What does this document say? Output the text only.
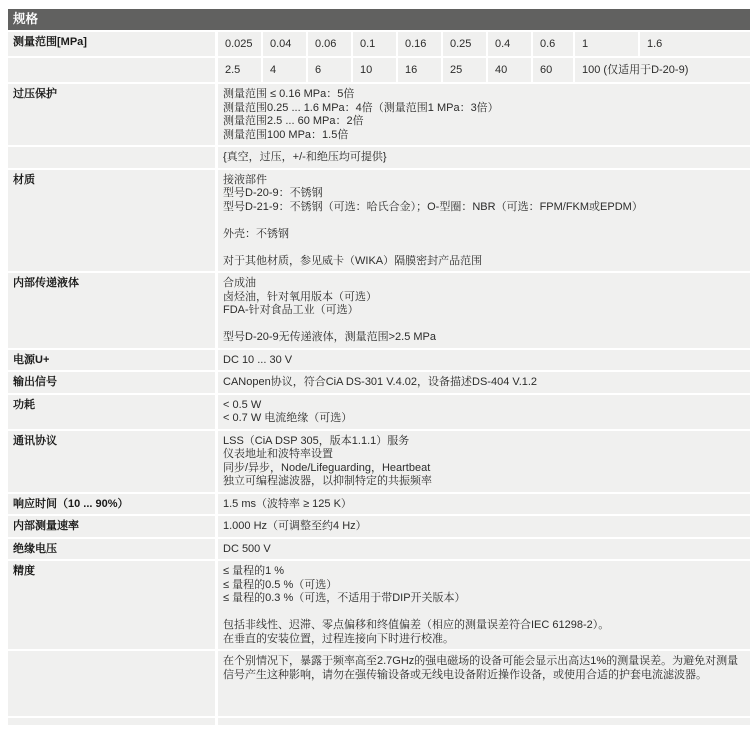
规格
测量范围[MPa]	0.025	0.04	0.06	0.1	0.16	0.25	0.4	0.6	1	1.6
2.5	4	6	10	16	25	40	60	100 (仅适用于D-20-9)
过压保护	测量范围 ≤ 0.16 MPa：5倍
测量范围0.25 ... 1.6 MPa：4倍（测量范围1 MPa：3倍）
测量范围2.5 ... 60 MPa：2倍
测量范围100 MPa：1.5倍
{真空，过压，+/-和绝压均可提供}
材质	接液部件
型号D-20-9：不锈钢
型号D-21-9：不锈钢（可选：哈氏合金）；O-型圈：NBR（可选：FPM/FKM或EPDM）
外壳：不锈钢
对于其他材质，参见威卡（WIKA）隔膜密封产品范围
内部传递液体	合成油
卤烃油，针对氧用版本（可选）
FDA-针对食品工业（可选）
型号D-20-9无传递液体，测量范围>2.5 MPa
电源U+	DC 10 ... 30 V
输出信号	CANopen协议，符合CiA DS-301 V.4.02，设备描述DS-404 V.1.2
功耗	< 0.5 W
< 0.7 W 电流绝缘（可选）
通讯协议	LSS（CiA DSP 305，版本1.1.1）服务
仪表地址和波特率设置
同步/异步，Node/Lifeguarding，Heartbeat
独立可编程滤波器，以抑制特定的共振频率
响应时间（10 ... 90%）	1.5 ms（波特率 ≥ 125 K）
内部测量速率	1.000 Hz（可调整至约4 Hz）
绝缘电压	DC 500 V
精度	≤ 量程的1 %
≤ 量程的0.5 %（可选）
≤ 量程的0.3 %（可选，不适用于带DIP开关版本）
包括非线性、迟滞、零点偏移和终值偏差（相应的测量误差符合IEC 61298-2）。
在垂直的安装位置，过程连接向下时进行校准。
在个别情况下，暴露于频率高至2.7GHz的强电磁场的设备可能会显示出高达1%的测量误差。为避免对测量信号产生这种影响，请勿在强传输设备或无线电设备附近操作设备，或使用合适的护套电流滤波器。
